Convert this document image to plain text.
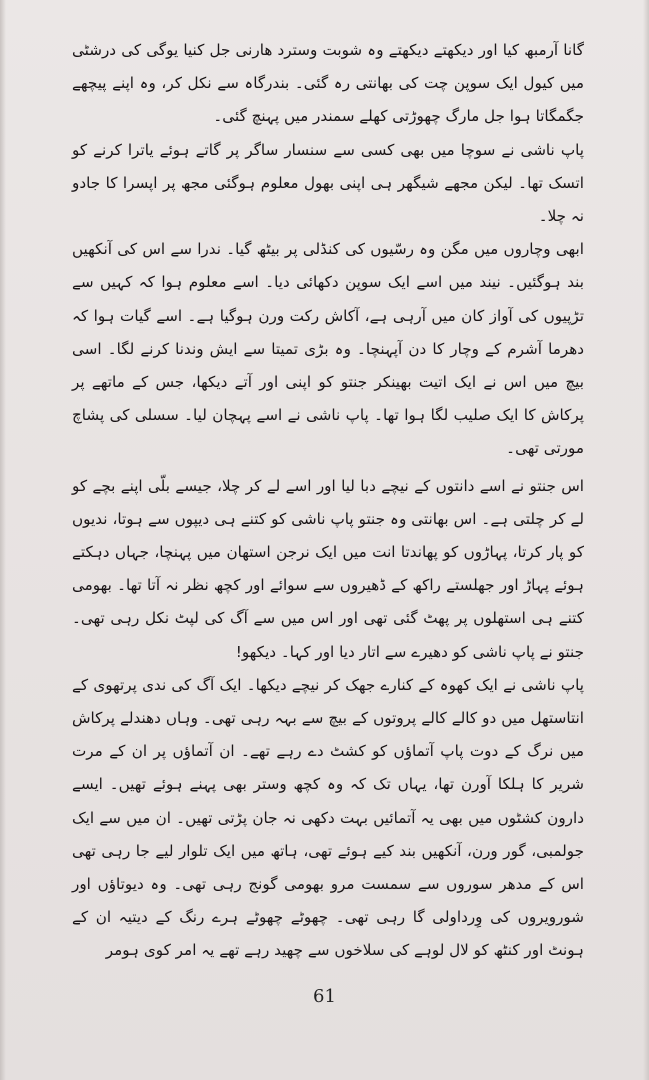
گانا آرمبھ کیا اور دیکھتے دیکھتے وہ شوبت وسترد ھارنی جل کنیا یوگی کی درشٹی میں کیول ایک سوپن چت کی بھانتی رہ گئی۔ بندرگاہ سے نکل کر، وہ اپنے پیچھے جگمگاتا ہوا جل مارگ چھوڑتی کھلے سمندر میں پہنچ گئی۔

پاپ ناشی نے سوچا میں بھی کسی سے سنسار ساگر پر گاتے ہوئے یاترا کرنے کو اتسک تھا۔ لیکن مجھے شیگھر ہی اپنی بھول معلوم ہوگئی مجھ پر اپسرا کا جادو نہ چلا۔

ابھی وچاروں میں مگن وہ رسّیوں کی کنڈلی پر بیٹھ گیا۔ ندرا سے اس کی آنکھیں بند ہوگئیں۔ نیند میں اسے ایک سوپن دکھائی دیا۔ اسے معلوم ہوا کہ کہیں سے تڑپیوں کی آواز کان میں آرہی ہے، آکاش رکت ورن ہوگیا ہے۔ اسے گیات ہوا کہ دھرما آشرم کے وچار کا دن آپہنچا۔ وہ بڑی تمیتا سے ایش وندنا کرنے لگا۔ اسی بیچ میں اس نے ایک اتیت بھینکر جنتو کو اپنی اور آتے دیکھا، جس کے ماتھے پر پرکاش کا ایک صلیب لگا ہوا تھا۔ پاپ ناشی نے اسے پہچان لیا۔ سسلی کی پشاچ مورتی تھی۔

اس جنتو نے اسے دانتوں کے نیچے دبا لیا اور اسے لے کر چلا، جیسے بلّی اپنے بچے کو لے کر چلتی ہے۔ اس بھانتی وہ جنتو پاپ ناشی کو کتنے ہی دیپوں سے ہوتا، ندیوں کو پار کرتا، پہاڑوں کو پھاندتا انت میں ایک نرجن استھان میں پہنچا، جہاں دہکتے ہوئے پہاڑ اور جھلستے راکھ کے ڈھیروں سے سوائے اور کچھ نظر نہ آتا تھا۔ بھومی کتنے ہی استھلوں پر پھٹ گئی تھی اور اس میں سے آگ کی لپٹ نکل رہی تھی۔ جنتو نے پاپ ناشی کو دھیرے سے اتار دیا اور کہا۔ دیکھو!

پاپ ناشی نے ایک کھوہ کے کنارے جھک کر نیچے دیکھا۔ ایک آگ کی ندی پرتھوی کے انتاستھل میں دو کالے کالے پروتوں کے بیچ سے بہہ رہی تھی۔ وہاں دھندلے پرکاش میں نرگ کے دوت پاپ آتماؤں کو کشٹ دے رہے تھے۔ ان آتماؤں پر ان کے مرت شریر کا ہلکا آورن تھا، یہاں تک کہ وہ کچھ وستر بھی پہنے ہوئے تھیں۔ ایسے دارون کشٹوں میں بھی یہ آتمائیں بہت دکھی نہ جان پڑتی تھیں۔ ان میں سے ایک جولمبی، گور ورن، آنکھیں بند کیے ہوئے تھی، ہاتھ میں ایک تلوار لیے جا رہی تھی اس کے مدھر سوروں سے سمست مرو بھومی گونج رہی تھی۔ وہ دیوتاؤں اور شورویروں کی وِرداولی گا رہی تھی۔ چھوٹے چھوٹے ہرے رنگ کے دیتیہ ان کے ہونٹ اور کنٹھ کو لال لوہے کی سلاخوں سے چھید رہے تھے یہ امر کوی ہومر

61
